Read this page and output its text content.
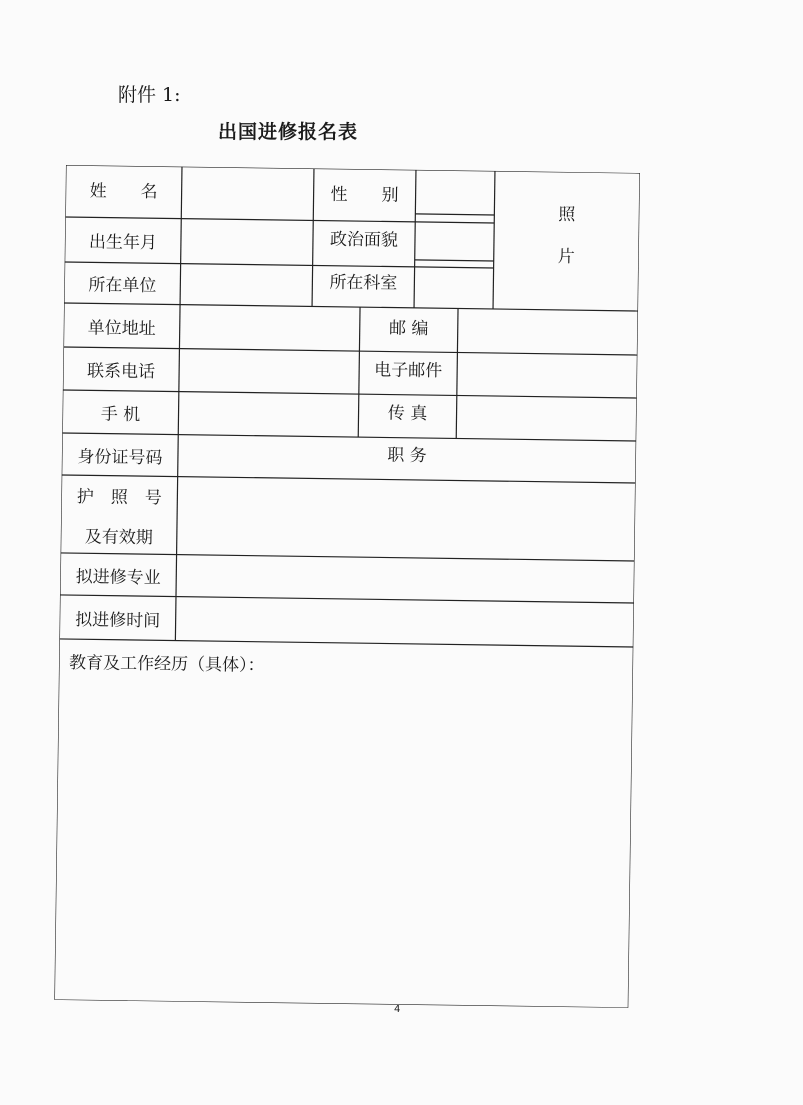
附件 1:
出国进修报名表
姓　　名	性　　别
照
片
出生年月	政治面貌
所在单位	所在科室
单位地址	邮 编
联系电话	电子邮件
手 机	传 真
身份证号码	职 务
护　照　号
及有效期
拟进修专业
拟进修时间
教育及工作经历（具体）：
4
